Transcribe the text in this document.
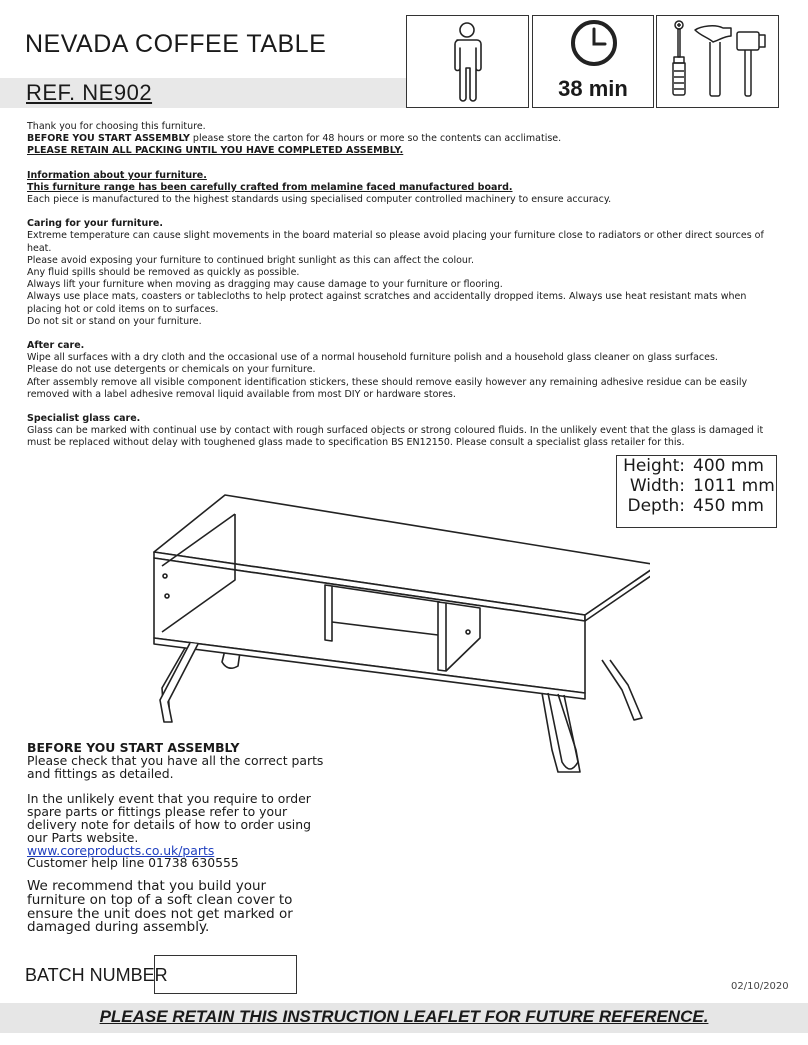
NEVADA COFFEE TABLE
REF. NE902	38 min

Thank you for choosing this furniture.

BEFORE YOU START ASSEMBLY please store the carton for 48 hours or more so the contents can acclimatise.

PLEASE RETAIN ALL PACKING UNTIL YOU HAVE COMPLETED ASSEMBLY.

Information about your furniture.

This furniture range has been carefully crafted from melamine faced manufactured board.

Each piece is manufactured to the highest standards using specialised computer controlled machinery to ensure accuracy.

Caring for your furniture.

Extreme temperature can cause slight movements in the board material so please avoid placing your furniture close to radiators or other direct sources of heat.

Please avoid exposing your furniture to continued bright sunlight as this can affect the colour.

Any fluid spills should be removed as quickly as possible.

Always lift your furniture when moving as dragging may cause damage to your furniture or flooring.

Always use place mats, coasters or tablecloths to help protect against scratches and accidentally dropped items. Always use heat resistant mats when placing hot or cold items on to surfaces.

Do not sit or stand on your furniture.

After care.

Wipe all surfaces with a dry cloth and the occasional use of a normal household furniture polish and a household glass cleaner on glass surfaces.

Please do not use detergents or chemicals on your furniture.

After assembly remove all visible component identification stickers, these should remove easily however any remaining adhesive residue can be easily removed with a label adhesive removal liquid available from most DIY or hardware stores.

Specialist glass care.

Glass can be marked with continual use by contact with rough surfaced objects or strong coloured fluids. In the unlikely event that the glass is damaged it must be replaced without delay with toughened glass made to specification BS EN12150. Please consult a specialist glass retailer for this.

Height: 400 mm
Width: 1011 mm
Depth: 450 mm

BEFORE YOU START ASSEMBLY

Please check that you have all the correct parts and fittings as detailed.

In the unlikely event that you require to order spare parts or fittings please refer to your delivery note for details of how to order using our Parts website.

www.coreproducts.co.uk/parts

Customer help line 01738 630555

We recommend that you build your furniture on top of a soft clean cover to ensure the unit does not get marked or damaged during assembly.
BATCH NUMBER
02/10/2020
PLEASE RETAIN THIS INSTRUCTION LEAFLET FOR FUTURE REFERENCE.
